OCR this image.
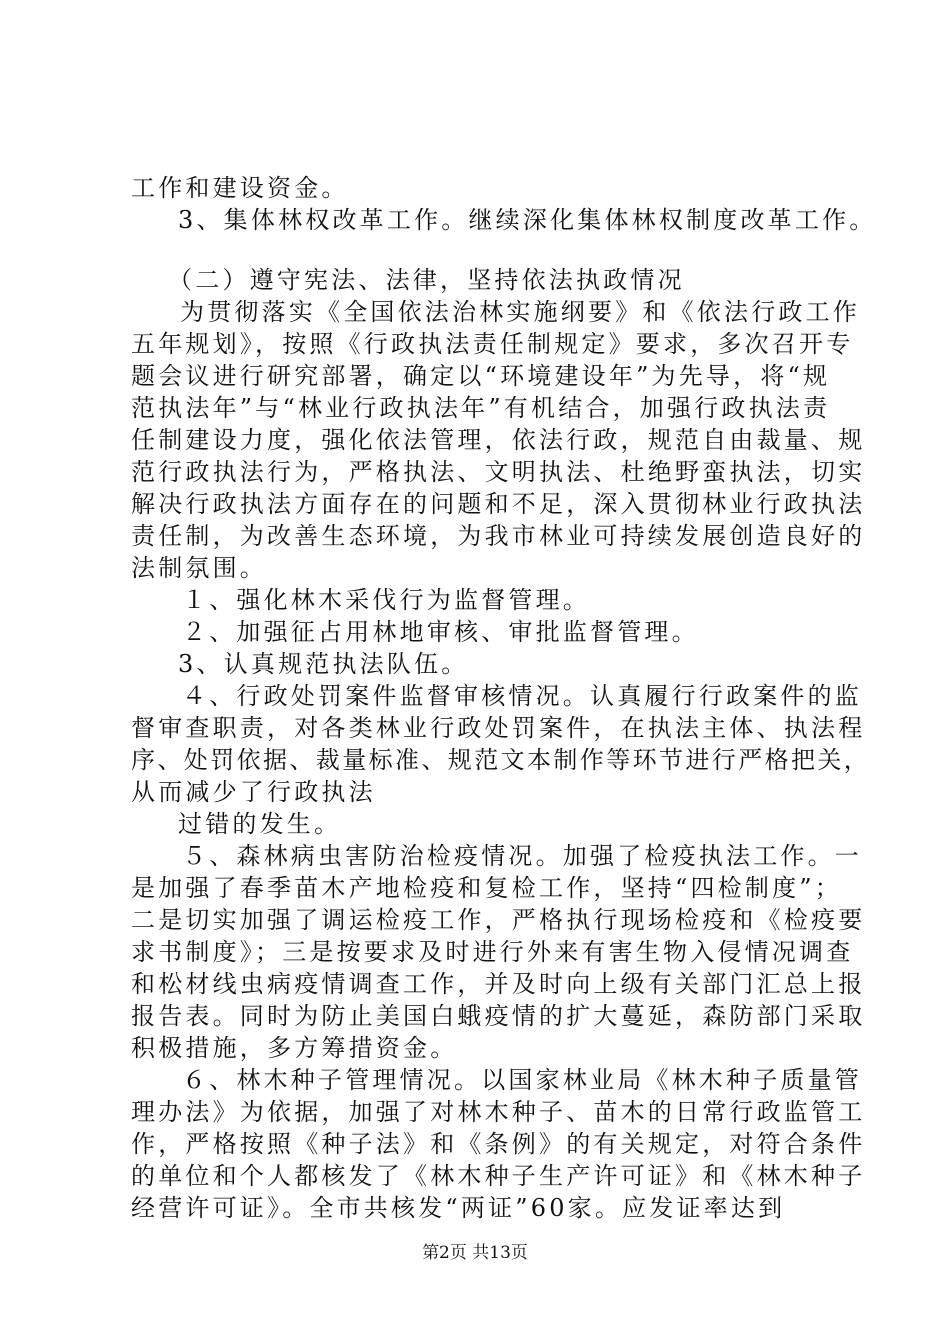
工作和建设资金。
3、集体林权改革工作。继续深化集体林权制度改革工作。
（二）遵守宪法、法律，坚持依法执政情况
为贯彻落实《全国依法治林实施纲要》和《依法行政工作
五年规划》，按照《行政执法责任制规定》要求，多次召开专
题会议进行研究部署，确定以“环境建设年”为先导，将“规
范执法年”与“林业行政执法年”有机结合，加强行政执法责
任制建设力度，强化依法管理，依法行政，规范自由裁量、规
范行政执法行为，严格执法、文明执法、杜绝野蛮执法，切实
解决行政执法方面存在的问题和不足，深入贯彻林业行政执法
责任制，为改善生态环境，为我市林业可持续发展创造良好的
法制氛围。
１、强化林木采伐行为监督管理。
２、加强征占用林地审核、审批监督管理。
3、认真规范执法队伍。
４、行政处罚案件监督审核情况。认真履行行政案件的监
督审查职责，对各类林业行政处罚案件，在执法主体、执法程
序、处罚依据、裁量标准、规范文本制作等环节进行严格把关，
从而减少了行政执法
过错的发生。
５、森林病虫害防治检疫情况。加强了检疫执法工作。一
是加强了春季苗木产地检疫和复检工作，坚持“四检制度”；
二是切实加强了调运检疫工作，严格执行现场检疫和《检疫要
求书制度》；三是按要求及时进行外来有害生物入侵情况调查
和松材线虫病疫情调查工作，并及时向上级有关部门汇总上报
报告表。同时为防止美国白蛾疫情的扩大蔓延，森防部门采取
积极措施，多方筹措资金。
６、林木种子管理情况。以国家林业局《林木种子质量管
理办法》为依据，加强了对林木种子、苗木的日常行政监管工
作，严格按照《种子法》和《条例》的有关规定，对符合条件
的单位和个人都核发了《林木种子生产许可证》和《林木种子
经营许可证》。全市共核发“两证”60家。应发证率达到
第2页 共13页
